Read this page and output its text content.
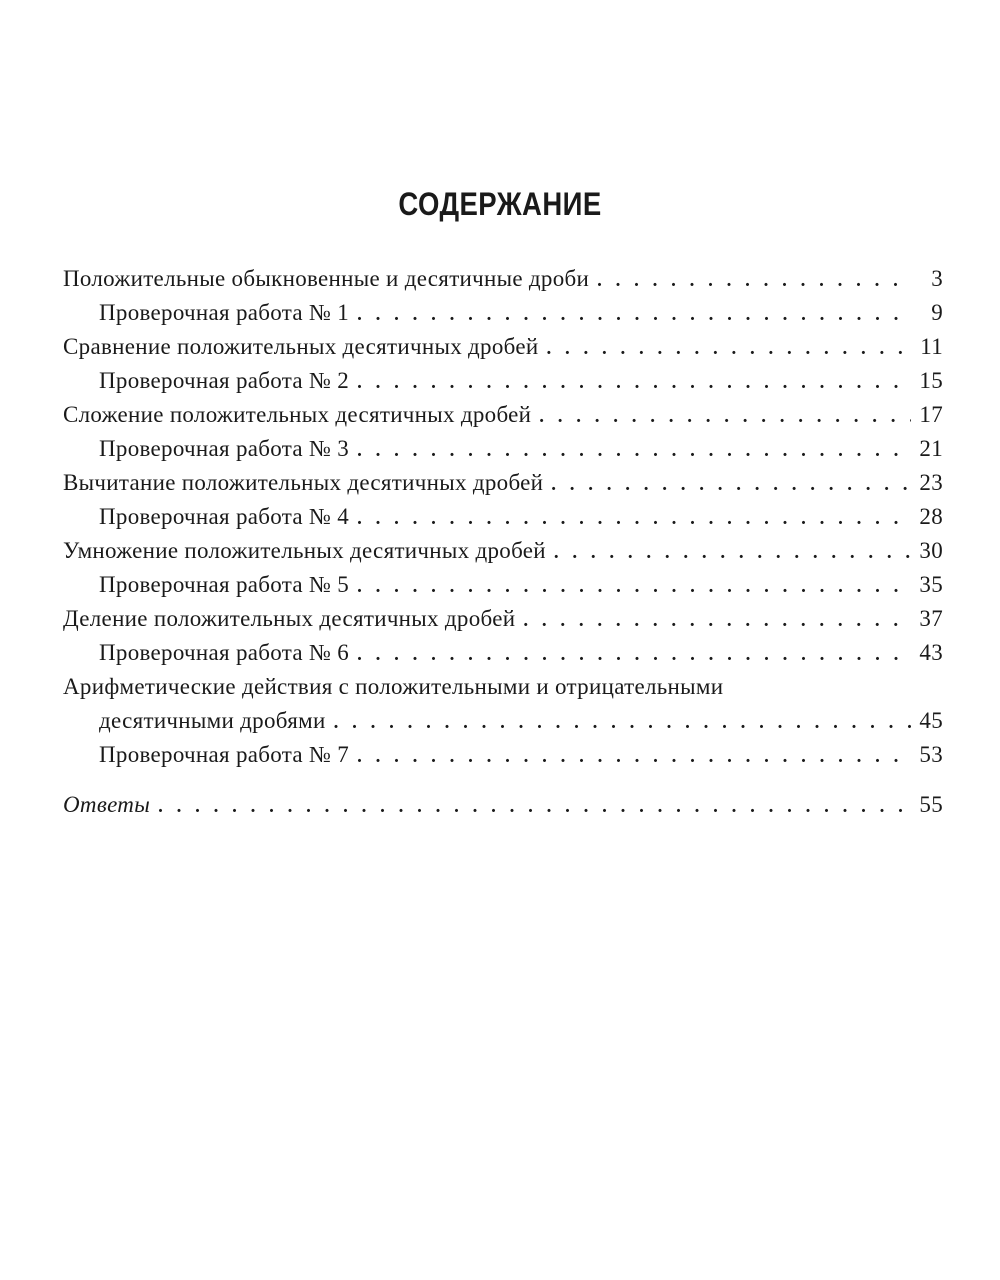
СОДЕРЖАНИЕ
Положительные обыкновенные и десятичные дроби . . .	3
Проверочная работа № 1 . . .	9
Сравнение положительных десятичных дробей . . .	11
Проверочная работа № 2 . . .	15
Сложение положительных десятичных дробей . . .	17
Проверочная работа № 3 . . .	21
Вычитание положительных десятичных дробей . . .	23
Проверочная работа № 4 . . .	28
Умножение положительных десятичных дробей . . .	30
Проверочная работа № 5 . . .	35
Деление положительных десятичных дробей . . .	37
Проверочная работа № 6 . . .	43
Арифметические действия с положительными и отрицательными
десятичными дробями . . .	45
Проверочная работа № 7 . . .	53
Ответы . . .	55
